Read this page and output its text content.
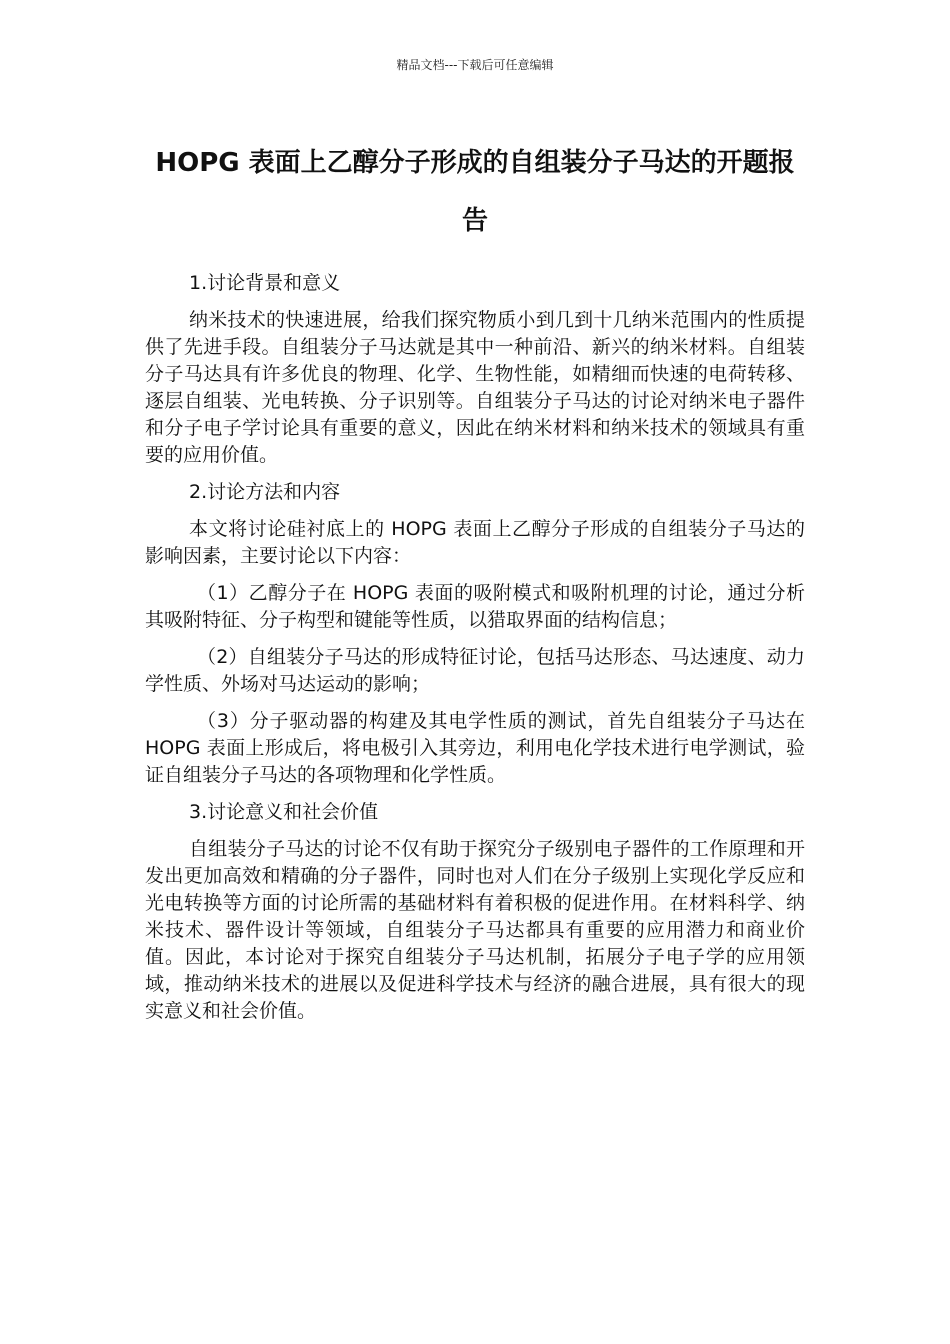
精品文档---下载后可任意编辑
HOPG 表面上乙醇分子形成的自组装分子马达的开题报告

1.讨论背景和意义

纳米技术的快速进展，给我们探究物质小到几到十几纳米范围内的性质提供了先进手段。自组装分子马达就是其中一种前沿、新兴的纳米材料。自组装分子马达具有许多优良的物理、化学、生物性能，如精细而快速的电荷转移、逐层自组装、光电转换、分子识别等。自组装分子马达的讨论对纳米电子器件和分子电子学讨论具有重要的意义，因此在纳米材料和纳米技术的领域具有重要的应用价值。

2.讨论方法和内容

本文将讨论硅衬底上的 HOPG 表面上乙醇分子形成的自组装分子马达的影响因素，主要讨论以下内容：

（1）乙醇分子在 HOPG 表面的吸附模式和吸附机理的讨论，通过分析其吸附特征、分子构型和键能等性质，以猎取界面的结构信息；

（2）自组装分子马达的形成特征讨论，包括马达形态、马达速度、动力学性质、外场对马达运动的影响；

（3）分子驱动器的构建及其电学性质的测试，首先自组装分子马达在 HOPG 表面上形成后，将电极引入其旁边，利用电化学技术进行电学测试，验证自组装分子马达的各项物理和化学性质。

3.讨论意义和社会价值

自组装分子马达的讨论不仅有助于探究分子级别电子器件的工作原理和开发出更加高效和精确的分子器件，同时也对人们在分子级别上实现化学反应和光电转换等方面的讨论所需的基础材料有着积极的促进作用。在材料科学、纳米技术、器件设计等领域，自组装分子马达都具有重要的应用潜力和商业价值。因此，本讨论对于探究自组装分子马达机制，拓展分子电子学的应用领域，推动纳米技术的进展以及促进科学技术与经济的融合进展，具有很大的现实意义和社会价值。
